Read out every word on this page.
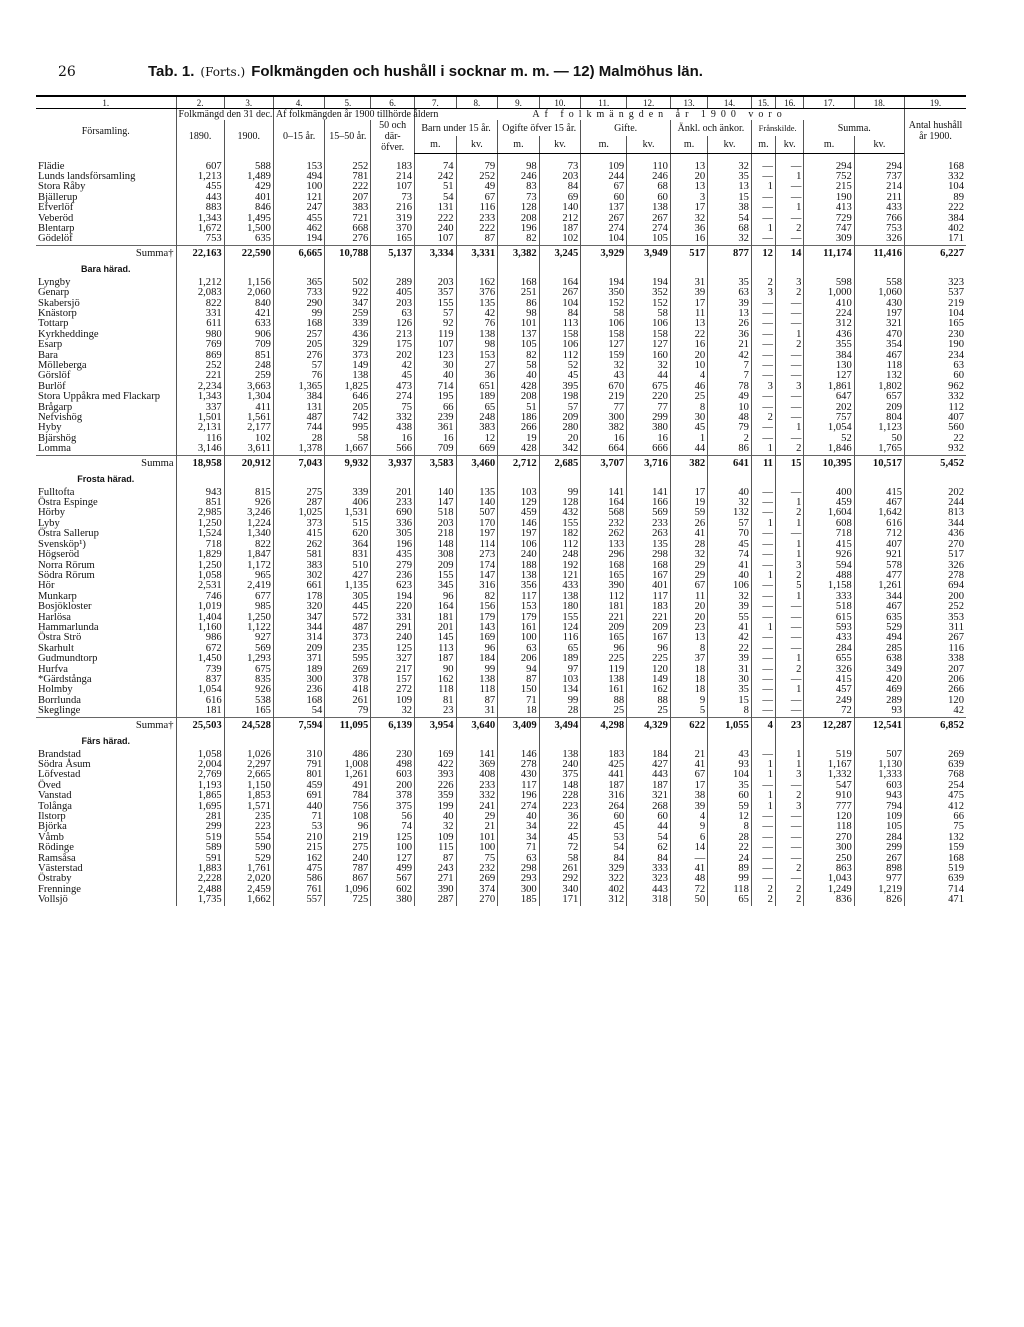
26	Tab. 1. (Forts.) Folkmängden och hushåll i socknar m. m. — 12) Malmöhus län.
1.	2.	3.	4.	5.	6.	7.	8.	9.	10.	11.	12.	13.	14.	15.	16.	17.	18.	19.
Församling.	Folkmängd den 31 dec.		Af folkmängden år 1900 tillhörde åldern			Af folkmängden år 1900 voro												Antal hushåll år 1900.
	1890.	1900.	0–15 år.	15–50 år.	50 och där- öfver.	Barn under 15 år.		Ogifte öfver 15 år.		Gifte.		Änkl. och änkor.		Frånskilde.		Summa.		
						m.	kv.	m.	kv.	m.	kv.	m.	kv.	m.	kv.	m.	kv.	

Flädie	607	588	153	252	183	74	79	98	73	109	110	13	32	—	—	294	294	168
Lunds landsförsamling	1,213	1,489	494	781	214	242	252	246	203	244	246	20	35	—	1	752	737	332
Stora Råby	455	429	100	222	107	51	49	83	84	67	68	13	13	1	—	215	214	104
Bjällerup	443	401	121	207	73	54	67	73	69	60	60	3	15	—	—	190	211	89
Efverlöf	883	846	247	383	216	131	116	128	140	137	138	17	38	—	1	413	433	222
Veberöd	1,343	1,495	455	721	319	222	233	208	212	267	267	32	54	—	—	729	766	384
Blentarp	1,672	1,500	462	668	370	240	222	196	187	274	274	36	68	1	2	747	753	402
Gödelöf	753	635	194	276	165	107	87	82	102	104	105	16	32	—	—	309	326	171
Summa†	22,163	22,590	6,665	10,788	5,137	3,334	3,331	3,382	3,245	3,929	3,949	517	877	12	14	11,174	11,416	6,227
Bara härad.																		
Lyngby	1,212	1,156	365	502	289	203	162	168	164	194	194	31	35	2	3	598	558	323
Genarp	2,083	2,060	733	922	405	357	376	251	267	350	352	39	63	3	2	1,000	1,060	537
Skabersjö	822	840	290	347	203	155	135	86	104	152	152	17	39	—	—	410	430	219
Knästorp	331	421	99	259	63	57	42	98	84	58	58	11	13	—	—	224	197	104
Tottarp	611	633	168	339	126	92	76	101	113	106	106	13	26	—	—	312	321	165
Kyrkheddinge	980	906	257	436	213	119	138	137	158	158	158	22	36	—	1	436	470	230
Esarp	769	709	205	329	175	107	98	105	106	127	127	16	21	—	2	355	354	190
Bara	869	851	276	373	202	123	153	82	112	159	160	20	42	—	—	384	467	234
Mölleberga	252	248	57	149	42	30	27	58	52	32	32	10	7	—	—	130	118	63
Görslöf	221	259	76	138	45	40	36	40	45	43	44	4	7	—	—	127	132	60
Burlöf	2,234	3,663	1,365	1,825	473	714	651	428	395	670	675	46	78	3	3	1,861	1,802	962
Stora Uppåkra med Flackarp	1,343	1,304	384	646	274	195	189	208	198	219	220	25	49	—	—	647	657	332
Brågarp	337	411	131	205	75	66	65	51	57	77	77	8	10	—	—	202	209	112
Nefvishög	1,501	1,561	487	742	332	239	248	186	209	300	299	30	48	2	—	757	804	407
Hyby	2,131	2,177	744	995	438	361	383	266	280	382	380	45	79	—	1	1,054	1,123	560
Bjärshög	116	102	28	58	16	16	12	19	20	16	16	1	2	—	—	52	50	22
Lomma	3,146	3,611	1,378	1,667	566	709	669	428	342	664	666	44	86	1	2	1,846	1,765	932
Summa	18,958	20,912	7,043	9,932	3,937	3,583	3,460	2,712	2,685	3,707	3,716	382	641	11	15	10,395	10,517	5,452
Frosta härad.																		
Fulltofta	943	815	275	339	201	140	135	103	99	141	141	17	40	—	—	400	415	202
Östra Espinge	851	926	287	406	233	147	140	129	128	164	166	19	32	—	1	459	467	244
Hörby	2,985	3,246	1,025	1,531	690	518	507	459	432	568	569	59	132	—	2	1,604	1,642	813
Lyby	1,250	1,224	373	515	336	203	170	146	155	232	233	26	57	1	1	608	616	344
Östra Sallerup	1,524	1,340	415	620	305	218	197	197	182	262	263	41	70	—	—	718	712	436
Svensköp¹)	718	822	262	364	196	148	114	106	112	133	135	28	45	—	1	415	407	270
Högseröd	1,829	1,847	581	831	435	308	273	240	248	296	298	32	74	—	1	926	921	517
Norra Rörum	1,250	1,172	383	510	279	209	174	188	192	168	168	29	41	—	3	594	578	326
Södra Rörum	1,058	965	302	427	236	155	147	138	121	165	167	29	40	1	2	488	477	278
Hör	2,531	2,419	661	1,135	623	345	316	356	433	390	401	67	106	—	5	1,158	1,261	694
Munkarp	746	677	178	305	194	96	82	117	138	112	117	11	32	—	1	333	344	200
Bosjökloster	1,019	985	320	445	220	164	156	153	180	181	183	20	39	—	—	518	467	252
Harlösa	1,404	1,250	347	572	331	181	179	179	155	221	221	20	55	—	—	615	635	353
Hammarlunda	1,160	1,122	344	487	291	201	143	161	124	209	209	23	41	1	—	593	529	311
Östra Strö	986	927	314	373	240	145	169	100	116	165	167	13	42	—	—	433	494	267
Skarhult	672	569	209	235	125	113	96	63	65	96	96	8	22	—	—	284	285	116
Gudmundtorp	1,450	1,293	371	595	327	187	184	206	189	225	225	37	39	—	1	655	638	338
Hurfva	739	675	189	269	217	90	99	94	97	119	120	18	31	—	2	326	349	207
*Gärdstånga	837	835	300	378	157	162	138	87	103	138	149	18	30	—	—	415	420	206
Holmby	1,054	926	236	418	272	118	118	150	134	161	162	18	35	—	1	457	469	266
Borrlunda	616	538	168	261	109	81	87	71	99	88	88	9	15	—	—	249	289	120
Skeglinge	181	165	54	79	32	23	31	18	28	25	25	5	8	—	—	72	93	42
Summa†	25,503	24,528	7,594	11,095	6,139	3,954	3,640	3,409	3,494	4,298	4,329	622	1,055	4	23	12,287	12,541	6,852
Färs härad.																		
Brandstad	1,058	1,026	310	486	230	169	141	146	138	183	184	21	43	—	1	519	507	269
Södra Åsum	2,004	2,297	791	1,008	498	422	369	278	240	425	427	41	93	1	1	1,167	1,130	639
Löfvestad	2,769	2,665	801	1,261	603	393	408	430	375	441	443	67	104	1	3	1,332	1,333	768
Öved	1,193	1,150	459	491	200	226	233	117	148	187	187	17	35	—	—	547	603	254
Vanstad	1,865	1,853	691	784	378	359	332	196	228	316	321	38	60	1	2	910	943	475
Tolånga	1,695	1,571	440	756	375	199	241	274	223	264	268	39	59	1	3	777	794	412
Ilstorp	281	235	71	108	56	40	29	40	36	60	60	4	12	—	—	120	109	66
Björka	299	223	53	96	74	32	21	34	22	45	44	9	8	—	—	118	105	75
Våmb	519	554	210	219	125	109	101	34	45	53	54	6	28	—	—	270	284	132
Rödinge	589	590	215	275	100	115	100	71	72	54	62	14	22	—	—	300	299	159
Ramsåsa	591	529	162	240	127	87	75	63	58	84	84	—	24	—	—	250	267	168
Västerstad	1,883	1,761	475	787	499	243	232	298	261	329	333	41	89	—	2	863	898	519
Östraby	2,228	2,020	586	867	567	271	269	293	292	322	323	48	99	—	—	1,043	977	639
Frenninge	2,488	2,459	761	1,096	602	390	374	300	340	402	443	72	118	2	2	1,249	1,219	714
Vollsjö	1,735	1,662	557	725	380	287	270	185	171	312	318	50	65	2	2	836	826	471
